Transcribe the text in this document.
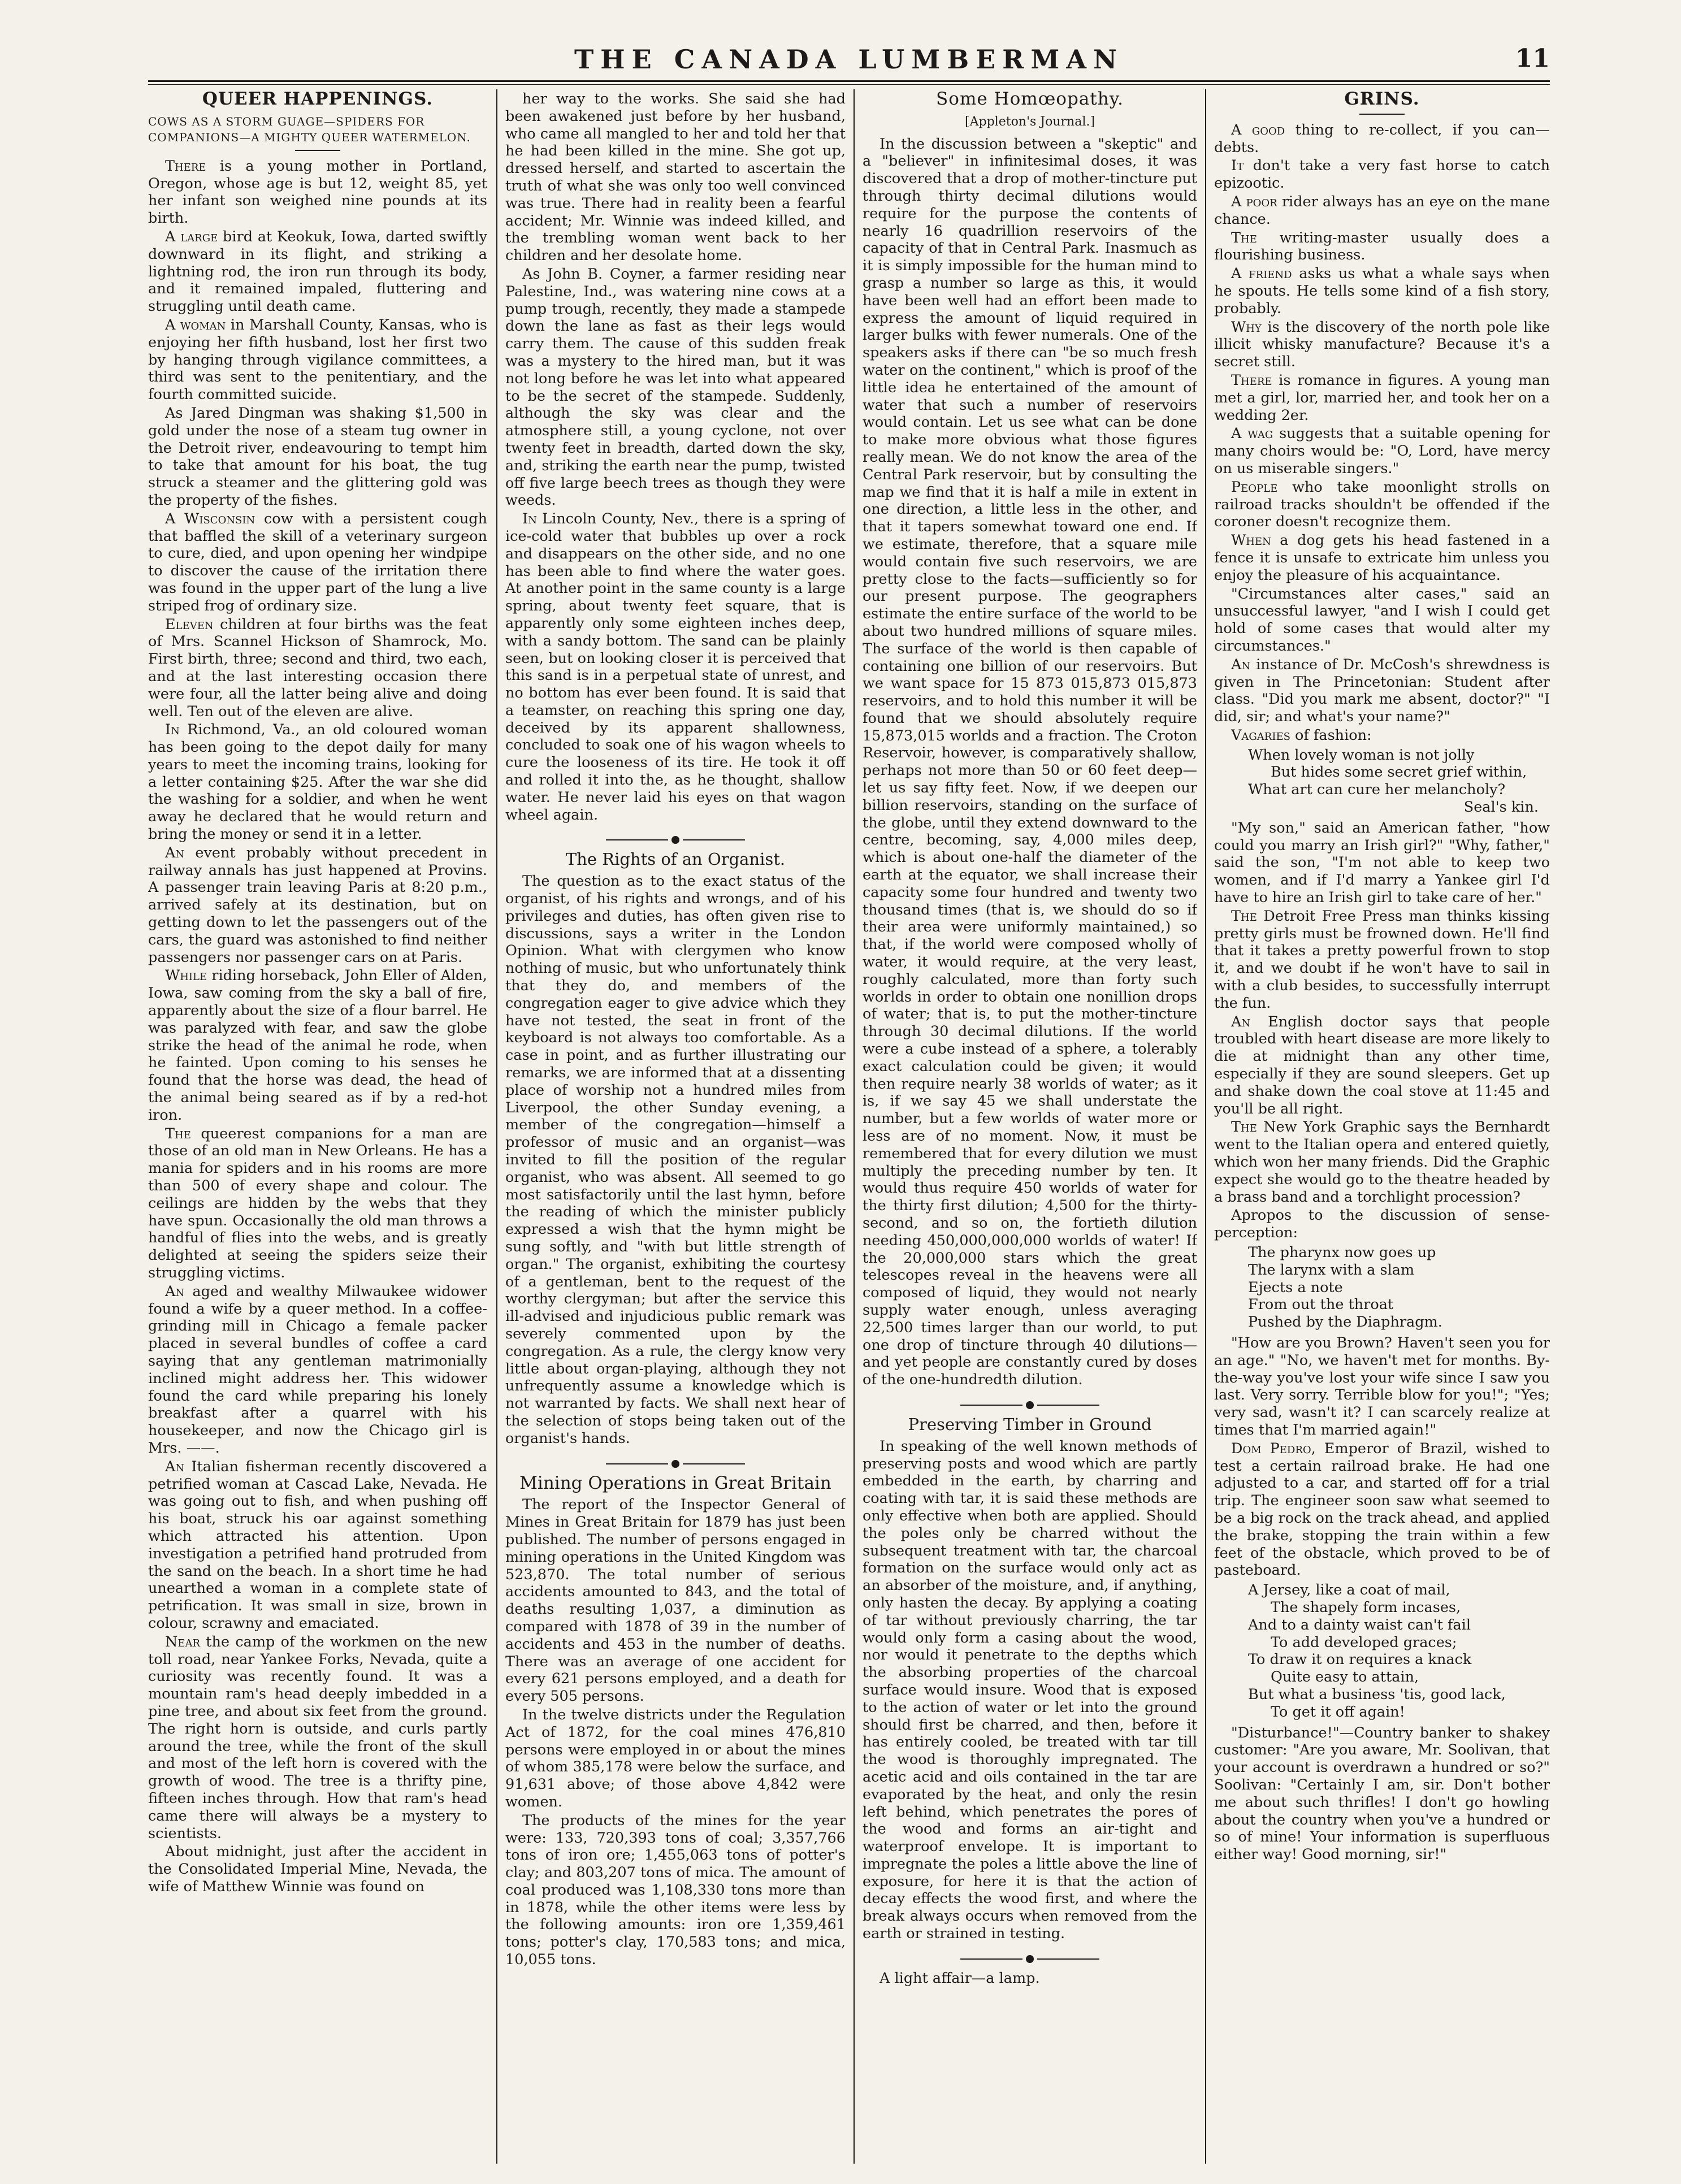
THE CANADA LUMBERMAN	11
QUEER HAPPENINGS.
COWS AS A STORM GUAGE—SPIDERS FOR COMPANIONS—A MIGHTY QUEER WATERMELON.

There is a young mother in Portland, Oregon, whose age is but 12, weight 85, yet her infant son weighed nine pounds at its birth.

A large bird at Keokuk, Iowa, darted swiftly downward in its flight, and striking a lightning rod, the iron run through its body, and it remained impaled, fluttering and struggling until death came.

A woman in Marshall County, Kansas, who is enjoying her fifth husband, lost her first two by hanging through vigilance committees, a third was sent to the penitentiary, and the fourth committed suicide.

As Jared Dingman was shaking $1,500 in gold under the nose of a steam tug owner in the Detroit river, endeavouring to tempt him to take that amount for his boat, the tug struck a steamer and the glittering gold was the property of the fishes.

A Wisconsin cow with a persistent cough that baffled the skill of a veterinary surgeon to cure, died, and upon opening her windpipe to discover the cause of the irritation there was found in the upper part of the lung a live striped frog of ordinary size.

Eleven children at four births was the feat of Mrs. Scannel Hickson of Shamrock, Mo. First birth, three; second and third, two each, and at the last interesting occasion there were four, all the latter being alive and doing well. Ten out of the eleven are alive.

In Richmond, Va., an old coloured woman has been going to the depot daily for many years to meet the incoming trains, looking for a letter containing $25. After the war she did the washing for a soldier, and when he went away he declared that he would return and bring the money or send it in a letter.

An event probably without precedent in railway annals has just happened at Provins. A passenger train leaving Paris at 8:20 p.m., arrived safely at its destination, but on getting down to let the passengers out of the cars, the guard was astonished to find neither passengers nor passenger cars on at Paris.

While riding horseback, John Eller of Alden, Iowa, saw coming from the sky a ball of fire, apparently about the size of a flour barrel. He was paralyzed with fear, and saw the globe strike the head of the animal he rode, when he fainted. Upon coming to his senses he found that the horse was dead, the head of the animal being seared as if by a red-hot iron.

The queerest companions for a man are those of an old man in New Orleans. He has a mania for spiders and in his rooms are more than 500 of every shape and colour. The ceilings are hidden by the webs that they have spun. Occasionally the old man throws a handful of flies into the webs, and is greatly delighted at seeing the spiders seize their struggling victims.

An aged and wealthy Milwaukee widower found a wife by a queer method. In a coffee-grinding mill in Chicago a female packer placed in several bundles of coffee a card saying that any gentleman matrimonially inclined might address her. This widower found the card while preparing his lonely breakfast after a quarrel with his housekeeper, and now the Chicago girl is Mrs. ——.

An Italian fisherman recently discovered a petrified woman at Cascad Lake, Nevada. He was going out to fish, and when pushing off his boat, struck his oar against something which attracted his attention. Upon investigation a petrified hand protruded from the sand on the beach. In a short time he had unearthed a woman in a complete state of petrification. It was small in size, brown in colour, scrawny and emaciated.

Near the camp of the workmen on the new toll road, near Yankee Forks, Nevada, quite a curiosity was recently found. It was a mountain ram's head deeply imbedded in a pine tree, and about six feet from the ground. The right horn is outside, and curls partly around the tree, while the front of the skull and most of the left horn is covered with the growth of wood. The tree is a thrifty pine, fifteen inches through. How that ram's head came there will always be a mystery to scientists.

About midnight, just after the accident in the Consolidated Imperial Mine, Nevada, the wife of Matthew Winnie was found on

her way to the works. She said she had been awakened just before by her husband, who came all mangled to her and told her that he had been killed in the mine. She got up, dressed herself, and started to ascertain the truth of what she was only too well convinced was true. There had in reality been a fearful accident; Mr. Winnie was indeed killed, and the trembling woman went back to her children and her desolate home.

As John B. Coyner, a farmer residing near Palestine, Ind., was watering nine cows at a pump trough, recently, they made a stampede down the lane as fast as their legs would carry them. The cause of this sudden freak was a mystery to the hired man, but it was not long before he was let into what appeared to be the secret of the stampede. Suddenly, although the sky was clear and the atmosphere still, a young cyclone, not over twenty feet in breadth, darted down the sky, and, striking the earth near the pump, twisted off five large beech trees as though they were weeds.

In Lincoln County, Nev., there is a spring of ice-cold water that bubbles up over a rock and disappears on the other side, and no one has been able to find where the water goes. At another point in the same county is a large spring, about twenty feet square, that is apparently only some eighteen inches deep, with a sandy bottom. The sand can be plainly seen, but on looking closer it is perceived that this sand is in a perpetual state of unrest, and no bottom has ever been found. It is said that a teamster, on reaching this spring one day, deceived by its apparent shallowness, concluded to soak one of his wagon wheels to cure the looseness of its tire. He took it off and rolled it into the, as he thought, shallow water. He never laid his eyes on that wagon wheel again.

The Rights of an Organist.

The question as to the exact status of the organist, of his rights and wrongs, and of his privileges and duties, has often given rise to discussions, says a writer in the London Opinion. What with clergymen who know nothing of music, but who unfortunately think that they do, and members of the congregation eager to give advice which they have not tested, the seat in front of the keyboard is not always too comfortable. As a case in point, and as further illustrating our remarks, we are informed that at a dissenting place of worship not a hundred miles from Liverpool, the other Sunday evening, a member of the congregation—himself a professor of music and an organist—was invited to fill the position of the regular organist, who was absent. All seemed to go most satisfactorily until the last hymn, before the reading of which the minister publicly expressed a wish that the hymn might be sung softly, and "with but little strength of organ." The organist, exhibiting the courtesy of a gentleman, bent to the request of the worthy clergyman; but after the service this ill-advised and injudicious public remark was severely commented upon by the congregation. As a rule, the clergy know very little about organ-playing, although they not unfrequently assume a knowledge which is not warranted by facts. We shall next hear of the selection of stops being taken out of the organist's hands.

Mining Operations in Great Britain

The report of the Inspector General of Mines in Great Britain for 1879 has just been published. The number of persons engaged in mining operations in the United Kingdom was 523,870. The total number of serious accidents amounted to 843, and the total of deaths resulting 1,037, a diminution as compared with 1878 of 39 in the number of accidents and 453 in the number of deaths. There was an average of one accident for every 621 persons employed, and a death for every 505 persons.

In the twelve districts under the Regulation Act of 1872, for the coal mines 476,810 persons were employed in or about the mines of whom 385,178 were below the surface, and 91,631 above; of those above 4,842 were women.

The products of the mines for the year were: 133, 720,393 tons of coal; 3,357,766 tons of iron ore; 1,455,063 tons of potter's clay; and 803,207 tons of mica. The amount of coal produced was 1,108,330 tons more than in 1878, while the other items were less by the following amounts: iron ore 1,359,461 tons; potter's clay, 170,583 tons; and mica, 10,055 tons.

Some Homœopathy.
[Appleton's Journal.]

In the discussion between a "skeptic" and a "believer" in infinitesimal doses, it was discovered that a drop of mother-tincture put through thirty decimal dilutions would require for the purpose the contents of nearly 16 quadrillion reservoirs of the capacity of that in Central Park. Inasmuch as it is simply impossible for the human mind to grasp a number so large as this, it would have been well had an effort been made to express the amount of liquid required in larger bulks with fewer numerals. One of the speakers asks if there can "be so much fresh water on the continent," which is proof of the little idea he entertained of the amount of water that such a number of reservoirs would contain. Let us see what can be done to make more obvious what those figures really mean. We do not know the area of the Central Park reservoir, but by consulting the map we find that it is half a mile in extent in one direction, a little less in the other, and that it tapers somewhat toward one end. If we estimate, therefore, that a square mile would contain five such reservoirs, we are pretty close to the facts—sufficiently so for our present purpose. The geographers estimate the entire surface of the world to be about two hundred millions of square miles. The surface of the world is then capable of containing one billion of our reservoirs. But we want space for 15 873 015,873 015,873 reservoirs, and to hold this number it will be found that we should absolutely require 15,873,015 worlds and a fraction. The Croton Reservoir, however, is comparatively shallow, perhaps not more than 50 or 60 feet deep—let us say fifty feet. Now, if we deepen our billion reservoirs, standing on the surface of the globe, until they extend downward to the centre, becoming, say, 4,000 miles deep, which is about one-half the diameter of the earth at the equator, we shall increase their capacity some four hundred and twenty two thousand times (that is, we should do so if their area were uniformly maintained,) so that, if the world were composed wholly of water, it would require, at the very least, roughly calculated, more than forty such worlds in order to obtain one nonillion drops of water; that is, to put the mother-tincture through 30 decimal dilutions. If the world were a cube instead of a sphere, a tolerably exact calculation could be given; it would then require nearly 38 worlds of water; as it is, if we say 45 we shall understate the number, but a few worlds of water more or less are of no moment. Now, it must be remembered that for every dilution we must multiply the preceding number by ten. It would thus require 450 worlds of water for the thirty first dilution; 4,500 for the thirty-second, and so on, the fortieth dilution needing 450,000,000,000 worlds of water! If the 20,000,000 stars which the great telescopes reveal in the heavens were all composed of liquid, they would not nearly supply water enough, unless averaging 22,500 times larger than our world, to put one drop of tincture through 40 dilutions—and yet people are constantly cured by doses of the one-hundredth dilution.

Preserving Timber in Ground

In speaking of the well known methods of preserving posts and wood which are partly embedded in the earth, by charring and coating with tar, it is said these methods are only effective when both are applied. Should the poles only be charred without the subsequent treatment with tar, the charcoal formation on the surface would only act as an absorber of the moisture, and, if anything, only hasten the decay. By applying a coating of tar without previously charring, the tar would only form a casing about the wood, nor would it penetrate to the depths which the absorbing properties of the charcoal surface would insure. Wood that is exposed to the action of water or let into the ground should first be charred, and then, before it has entirely cooled, be treated with tar till the wood is thoroughly impregnated. The acetic acid and oils contained in the tar are evaporated by the heat, and only the resin left behind, which penetrates the pores of the wood and forms an air-tight and waterproof envelope. It is important to impregnate the poles a little above the line of exposure, for here it is that the action of decay effects the wood first, and where the break always occurs when removed from the earth or strained in testing.

A light affair—a lamp.

GRINS.

A good thing to re-collect, if you can—debts.

It don't take a very fast horse to catch epizootic.

A poor rider always has an eye on the mane chance.

The writing-master usually does a flourishing business.

A friend asks us what a whale says when he spouts. He tells some kind of a fish story, probably.

Why is the discovery of the north pole like illicit whisky manufacture? Because it's a secret still.

There is romance in figures. A young man met a girl, lor, married her, and took her on a wedding 2er.

A wag suggests that a suitable opening for many choirs would be: "O, Lord, have mercy on us miserable singers."

People who take moonlight strolls on railroad tracks shouldn't be offended if the coroner doesn't recognize them.

When a dog gets his head fastened in a fence it is unsafe to extricate him unless you enjoy the pleasure of his acquaintance.

"Circumstances alter cases," said an unsuccessful lawyer, "and I wish I could get hold of some cases that would alter my circumstances."

An instance of Dr. McCosh's shrewdness is given in The Princetonian: Student after class. "Did you mark me absent, doctor?" "I did, sir; and what's your name?"

Vagaries of fashion:

When lovely woman is not jolly
But hides some secret grief within,
What art can cure her melancholy?
Seal's kin.

"My son," said an American father, "how could you marry an Irish girl?" "Why, father," said the son, "I'm not able to keep two women, and if I'd marry a Yankee girl I'd have to hire an Irish girl to take care of her."

The Detroit Free Press man thinks kissing pretty girls must be frowned down. He'll find that it takes a pretty powerful frown to stop it, and we doubt if he won't have to sail in with a club besides, to successfully interrupt the fun.

An English doctor says that people troubled with heart disease are more likely to die at midnight than any other time, especially if they are sound sleepers. Get up and shake down the coal stove at 11:45 and you'll be all right.

The New York Graphic says the Bernhardt went to the Italian opera and entered quietly, which won her many friends. Did the Graphic expect she would go to the theatre headed by a brass band and a torchlight procession?

Apropos to the discussion of sense-perception:

The pharynx now goes up
The larynx with a slam
Ejects a note
From out the throat
Pushed by the Diaphragm.

"How are you Brown? Haven't seen you for an age." "No, we haven't met for months. By-the-way you've lost your wife since I saw you last. Very sorry. Terrible blow for you!"; "Yes; very sad, wasn't it? I can scarcely realize at times that I'm married again!"

Dom Pedro, Emperor of Brazil, wished to test a certain railroad brake. He had one adjusted to a car, and started off for a trial trip. The engineer soon saw what seemed to be a big rock on the track ahead, and applied the brake, stopping the train within a few feet of the obstacle, which proved to be of pasteboard.

A Jersey, like a coat of mail,
The shapely form incases,
And to a dainty waist can't fail
To add developed graces;
To draw it on requires a knack
Quite easy to attain,
But what a business 'tis, good lack,
To get it off again!

"Disturbance!"—Country banker to shakey customer: "Are you aware, Mr. Soolivan, that your account is overdrawn a hundred or so?" Soolivan: "Certainly I am, sir. Don't bother me about such thrifles! I don't go howling about the country when you've a hundred or so of mine! Your information is superfluous either way! Good morning, sir!"
